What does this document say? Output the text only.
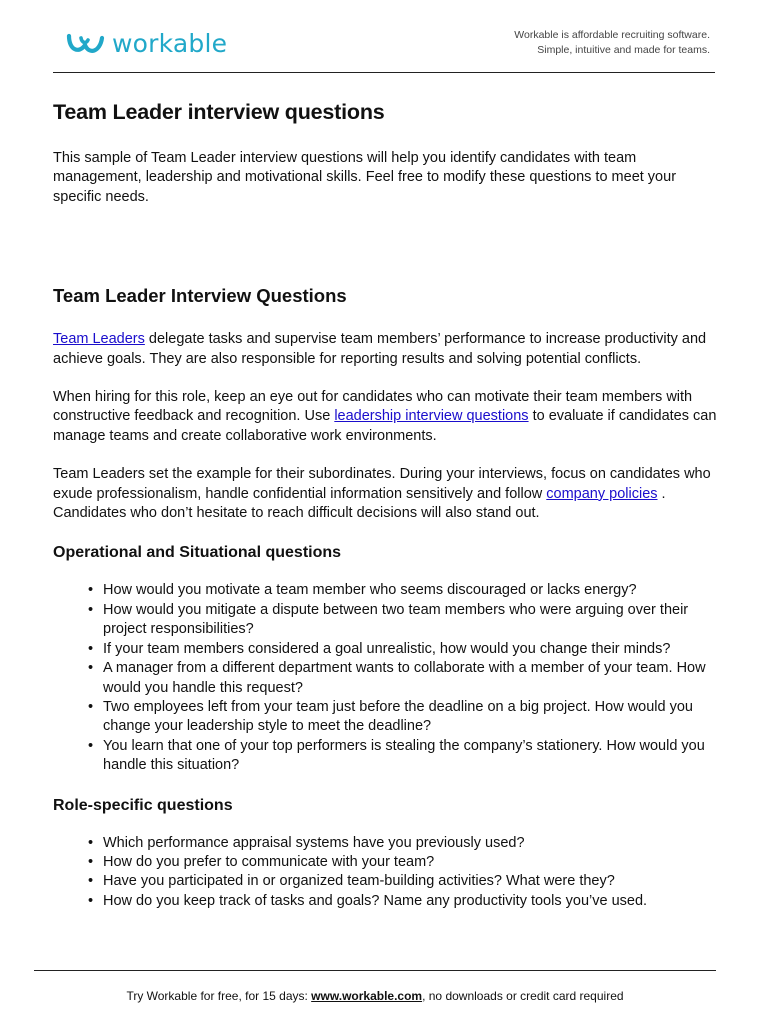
workable	Workable is affordable recruiting software.
Simple, intuitive and made for teams.
Team Leader interview questions

This sample of Team Leader interview questions will help you identify candidates with team management, leadership and motivational skills. Feel free to modify these questions to meet your specific needs.

Team Leader Interview Questions

Team Leaders delegate tasks and supervise team members’ performance to increase productivity and achieve goals. They are also responsible for reporting results and solving potential conflicts.

When hiring for this role, keep an eye out for candidates who can motivate their team members with constructive feedback and recognition. Use leadership interview questions to evaluate if candidates can manage teams and create collaborative work environments.

Team Leaders set the example for their subordinates. During your interviews, focus on candidates who exude professionalism, handle confidential information sensitively and follow company policies . Candidates who don’t hesitate to reach difficult decisions will also stand out.

Operational and Situational questions
• How would you motivate a team member who seems discouraged or lacks energy?
• How would you mitigate a dispute between two team members who were arguing over their project responsibilities?
• If your team members considered a goal unrealistic, how would you change their minds?
• A manager from a different department wants to collaborate with a member of your team. How would you handle this request?
• Two employees left from your team just before the deadline on a big project. How would you change your leadership style to meet the deadline?
• You learn that one of your top performers is stealing the company’s stationery. How would you handle this situation?
Role-specific questions
• Which performance appraisal systems have you previously used?
• How do you prefer to communicate with your team?
• Have you participated in or organized team-building activities? What were they?
• How do you keep track of tasks and goals? Name any productivity tools you’ve used.
Try Workable for free, for 15 days: www.workable.com, no downloads or credit card required
